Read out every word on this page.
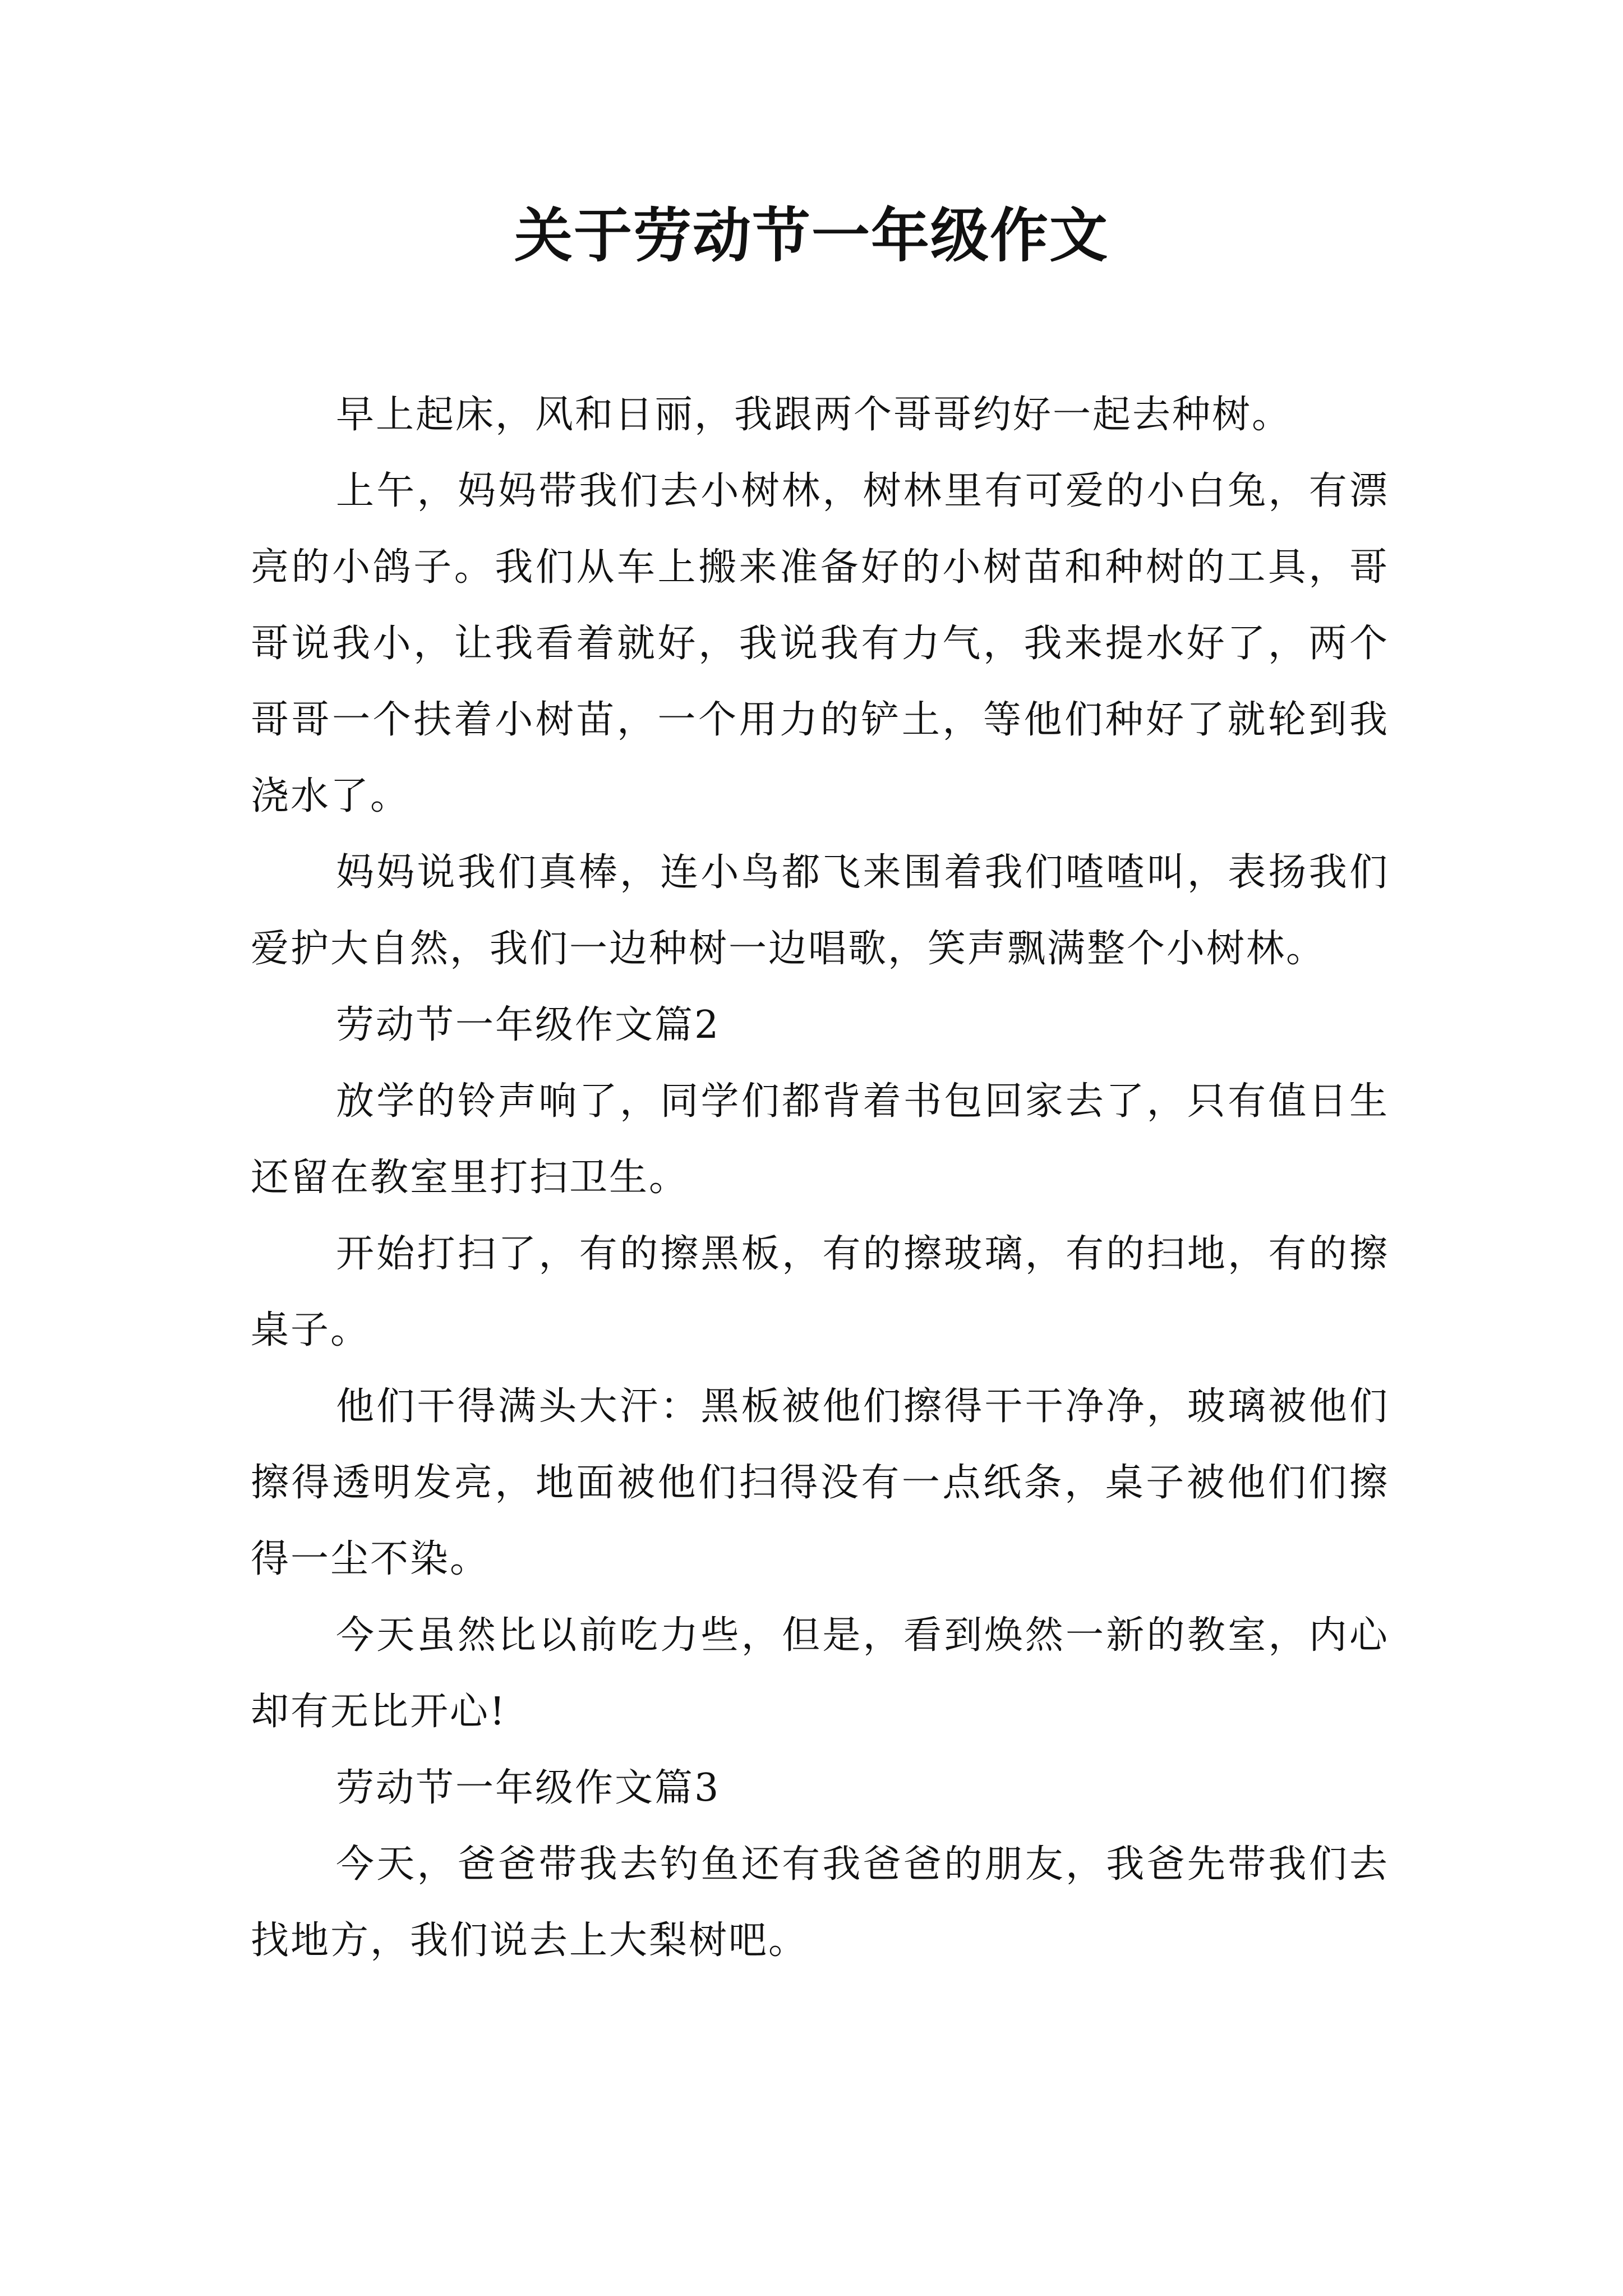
关于劳动节一年级作文

早上起床，风和日丽，我跟两个哥哥约好一起去种树。

上午，妈妈带我们去小树林，树林里有可爱的小白兔，有漂亮的小鸽子。我们从车上搬来准备好的小树苗和种树的工具，哥哥说我小，让我看着就好，我说我有力气，我来提水好了，两个哥哥一个扶着小树苗，一个用力的铲土，等他们种好了就轮到我浇水了。

妈妈说我们真棒，连小鸟都飞来围着我们喳喳叫，表扬我们爱护大自然，我们一边种树一边唱歌，笑声飘满整个小树林。

劳动节一年级作文篇2

放学的铃声响了，同学们都背着书包回家去了，只有值日生还留在教室里打扫卫生。

开始打扫了，有的擦黑板，有的擦玻璃，有的扫地，有的擦桌子。

他们干得满头大汗：黑板被他们擦得干干净净，玻璃被他们擦得透明发亮，地面被他们扫得没有一点纸条，桌子被他们们擦得一尘不染。

今天虽然比以前吃力些，但是，看到焕然一新的教室，内心却有无比开心!

劳动节一年级作文篇3

今天，爸爸带我去钓鱼还有我爸爸的朋友，我爸先带我们去找地方，我们说去上大梨树吧。
